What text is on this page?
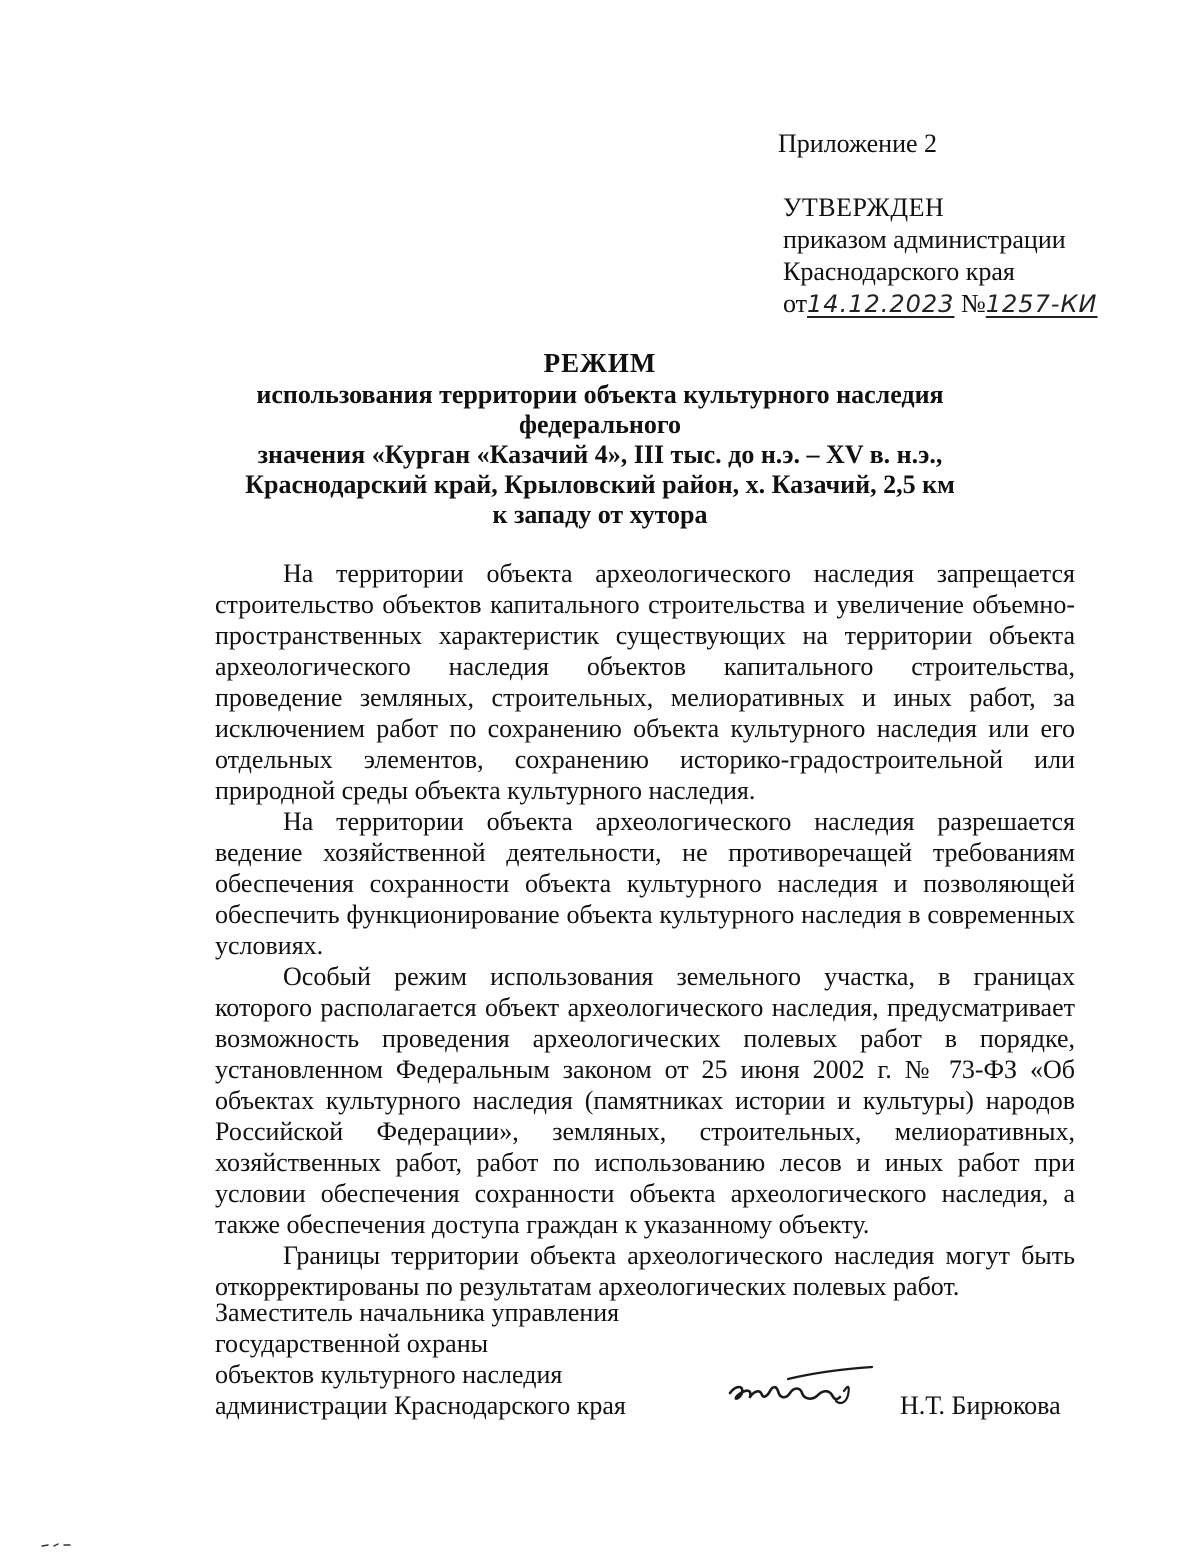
Приложение 2
УТВЕРЖДЕН
приказом администрации
Краснодарского края
от14.12.2023 №1257-КИ
РЕЖИМ
использования территории объекта культурного наследия федерального
значения «Курган «Казачий 4», III тыс. до н.э. – XV в. н.э.,
Краснодарский край, Крыловский район, х. Казачий, 2,5 км
к западу от хутора

На территории объекта археологического наследия запрещается строительство объектов капитального строительства и увеличение объемно-пространственных характеристик существующих на территории объекта археологического наследия объектов капитального строительства, проведение земляных, строительных, мелиоративных и иных работ, за исключением работ по сохранению объекта культурного наследия или его отдельных элементов, сохранению историко-градостроительной или природной среды объекта культурного наследия.

На территории объекта археологического наследия разрешается ведение хозяйственной деятельности, не противоречащей требованиям обеспечения сохранности объекта культурного наследия и позволяющей обеспечить функционирование объекта культурного наследия в современных условиях.

Особый режим использования земельного участка, в границах которого располагается объект археологического наследия, предусматривает возможность проведения археологических полевых работ в порядке, установленном Федеральным законом от 25 июня 2002 г. № 73-ФЗ «Об объектах культурного наследия (памятниках истории и культуры) народов Российской Федерации», земляных, строительных, мелиоративных, хозяйственных работ, работ по использованию лесов и иных работ при условии обеспечения сохранности объекта археологического наследия, а также обеспечения доступа граждан к указанному объекту.

Границы территории объекта археологического наследия могут быть откорректированы по результатам археологических полевых работ.

Заместитель начальника управления
государственной охраны
объектов культурного наследия
администрации Краснодарского края	Н.Т. Бирюкова
